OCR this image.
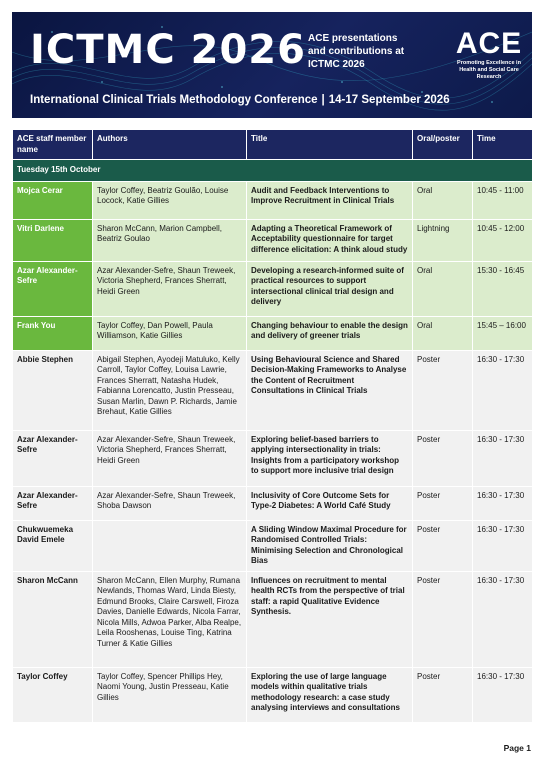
ICTMC 2026 ACE presentations and contributions at ICTMC 2026
ACE
Promoting Excellence in Health and Social Care Research
International Clinical Trials Methodology Conference | 14-17 September 2026
ACE staff member name	Authors	Title	Oral/poster	Time
Tuesday 15th October				
Mojca Cerar	Taylor Coffey, Beatriz Goulão, Louise Locock, Katie Gillies	Audit and Feedback Interventions to Improve Recruitment in Clinical Trials	Oral	10:45 - 11:00
Vitri Darlene	Sharon McCann, Marion Campbell, Beatriz Goulao	Adapting a Theoretical Framework of Acceptability questionnaire for target difference elicitation: A think aloud study	Lightning	10:45 - 12:00
Azar Alexander-Sefre	Azar Alexander-Sefre, Shaun Treweek, Victoria Shepherd, Frances Sherratt, Heidi Green	Developing a research-informed suite of practical resources to support intersectional clinical trial design and delivery	Oral	15:30 - 16:45
Frank You	Taylor Coffey, Dan Powell, Paula Williamson, Katie Gillies	Changing behaviour to enable the design and delivery of greener trials	Oral	15:45 – 16:00
Abbie Stephen	Abigail Stephen, Ayodeji Matuluko, Kelly Carroll, Taylor Coffey, Louisa Lawrie, Frances Sherratt, Natasha Hudek, Fabianna Lorencatto, Justin Presseau, Susan Marlin, Dawn P. Richards, Jamie Brehaut, Katie Gillies	Using Behavioural Science and Shared Decision-Making Frameworks to Analyse the Content of Recruitment Consultations in Clinical Trials	Poster	16:30 - 17:30
Azar Alexander-Sefre	Azar Alexander-Sefre, Shaun Treweek, Victoria Shepherd, Frances Sherratt, Heidi Green	Exploring belief-based barriers to applying intersectionality in trials: Insights from a participatory workshop to support more inclusive trial design	Poster	16:30 - 17:30
Azar Alexander-Sefre	Azar Alexander-Sefre, Shaun Treweek, Shoba Dawson	Inclusivity of Core Outcome Sets for Type-2 Diabetes: A World Café Study	Poster	16:30 - 17:30
Chukwuemeka David Emele		A Sliding Window Maximal Procedure for Randomised Controlled Trials: Minimising Selection and Chronological Bias	Poster	16:30 - 17:30
Sharon McCann	Sharon McCann, Ellen Murphy, Rumana Newlands, Thomas Ward, Linda Biesty, Edmund Brooks, Claire Carswell, Firoza Davies, Danielle Edwards, Nicola Farrar, Nicola Mills, Adwoa Parker, Alba Realpe, Leila Rooshenas, Louise Ting, Katrina Turner & Katie Gillies	Influences on recruitment to mental health RCTs from the perspective of trial staff: a rapid Qualitative Evidence Synthesis.	Poster	16:30 - 17:30
Taylor Coffey	Taylor Coffey, Spencer Phillips Hey, Naomi Young, Justin Presseau, Katie Gillies	Exploring the use of large language models within qualitative trials methodology research: a case study analysing interviews and consultations	Poster	16:30 - 17:30
Page 1
